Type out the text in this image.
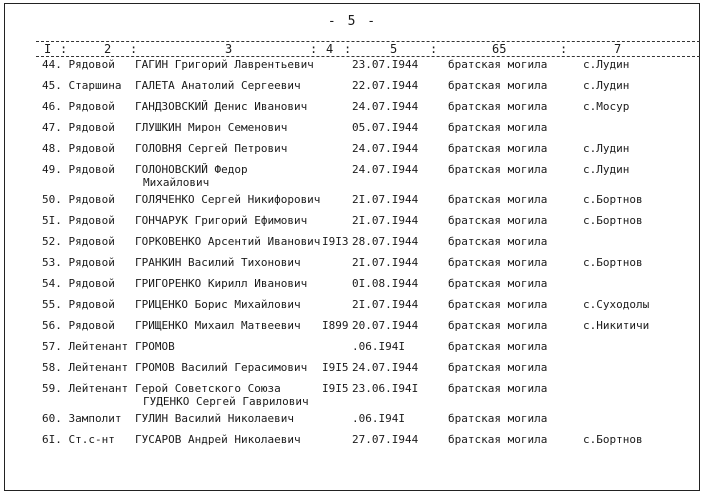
- 5 -
I :	2 :	3	: 4 :	5	:	65	:	7
44. Рядовой ГАГИН Григорий Лаврентьевич	23.07.I944	братская могила	с.Лудин
45. Старшина ГАЛЕТА Анатолий Сергеевич	22.07.I944	братская могила	с.Лудин
46. Рядовой ГАНДЗОВСКИЙ Денис Иванович	24.07.I944	братская могила	с.Мосур
47. Рядовой ГЛУШКИН Мирон Семенович	05.07.I944	братская могила
48. Рядовой ГОЛОВНЯ Сергей Петрович	24.07.I944	братская могила	с.Лудин
49. Рядовой ГОЛОНОВСКИЙ Федор	24.07.I944	братская могила	с.Лудин
Михайлович
50. Рядовой ГОЛЯЧЕНКО Сергей Никифорович	2I.07.I944	братская могила	с.Бортнов
5I. Рядовой ГОНЧАРУК Григорий Ефимович	2I.07.I944	братская могила	с.Бортнов
52. Рядовой ГОРКОВЕНКО Арсентий Иванович I9I3 28.07.I944	братская могила
53. Рядовой ГРАНКИН Василий Тихонович	2I.07.I944	братская могила	с.Бортнов
54. Рядовой ГРИГОРЕНКО Кирилл Иванович	0I.08.I944	братская могила
55. Рядовой ГРИЦЕНКО Борис Михайлович	2I.07.I944	братская могила	с.Суходолы
56. Рядовой ГРИЩЕНКО Михаил Матвеевич I899 20.07.I944	братская могила	с.Никитичи
57. Лейтенант ГРОМОВ	.06.I94I	братская могила
58. Лейтенант ГРОМОВ Василий Герасимович I9I5 24.07.I944	братская могила
59. Лейтенант Герой Советского Союза	I9I5 23.06.I94I	братская могила
ГУДЕНКО Сергей Гаврилович
60. Замполит ГУЛИН Василий Николаевич	.06.I94I	братская могила
6I. Ст.с-нт ГУСАРОВ Андрей Николаевич	27.07.I944	братская могила	с.Бортнов
